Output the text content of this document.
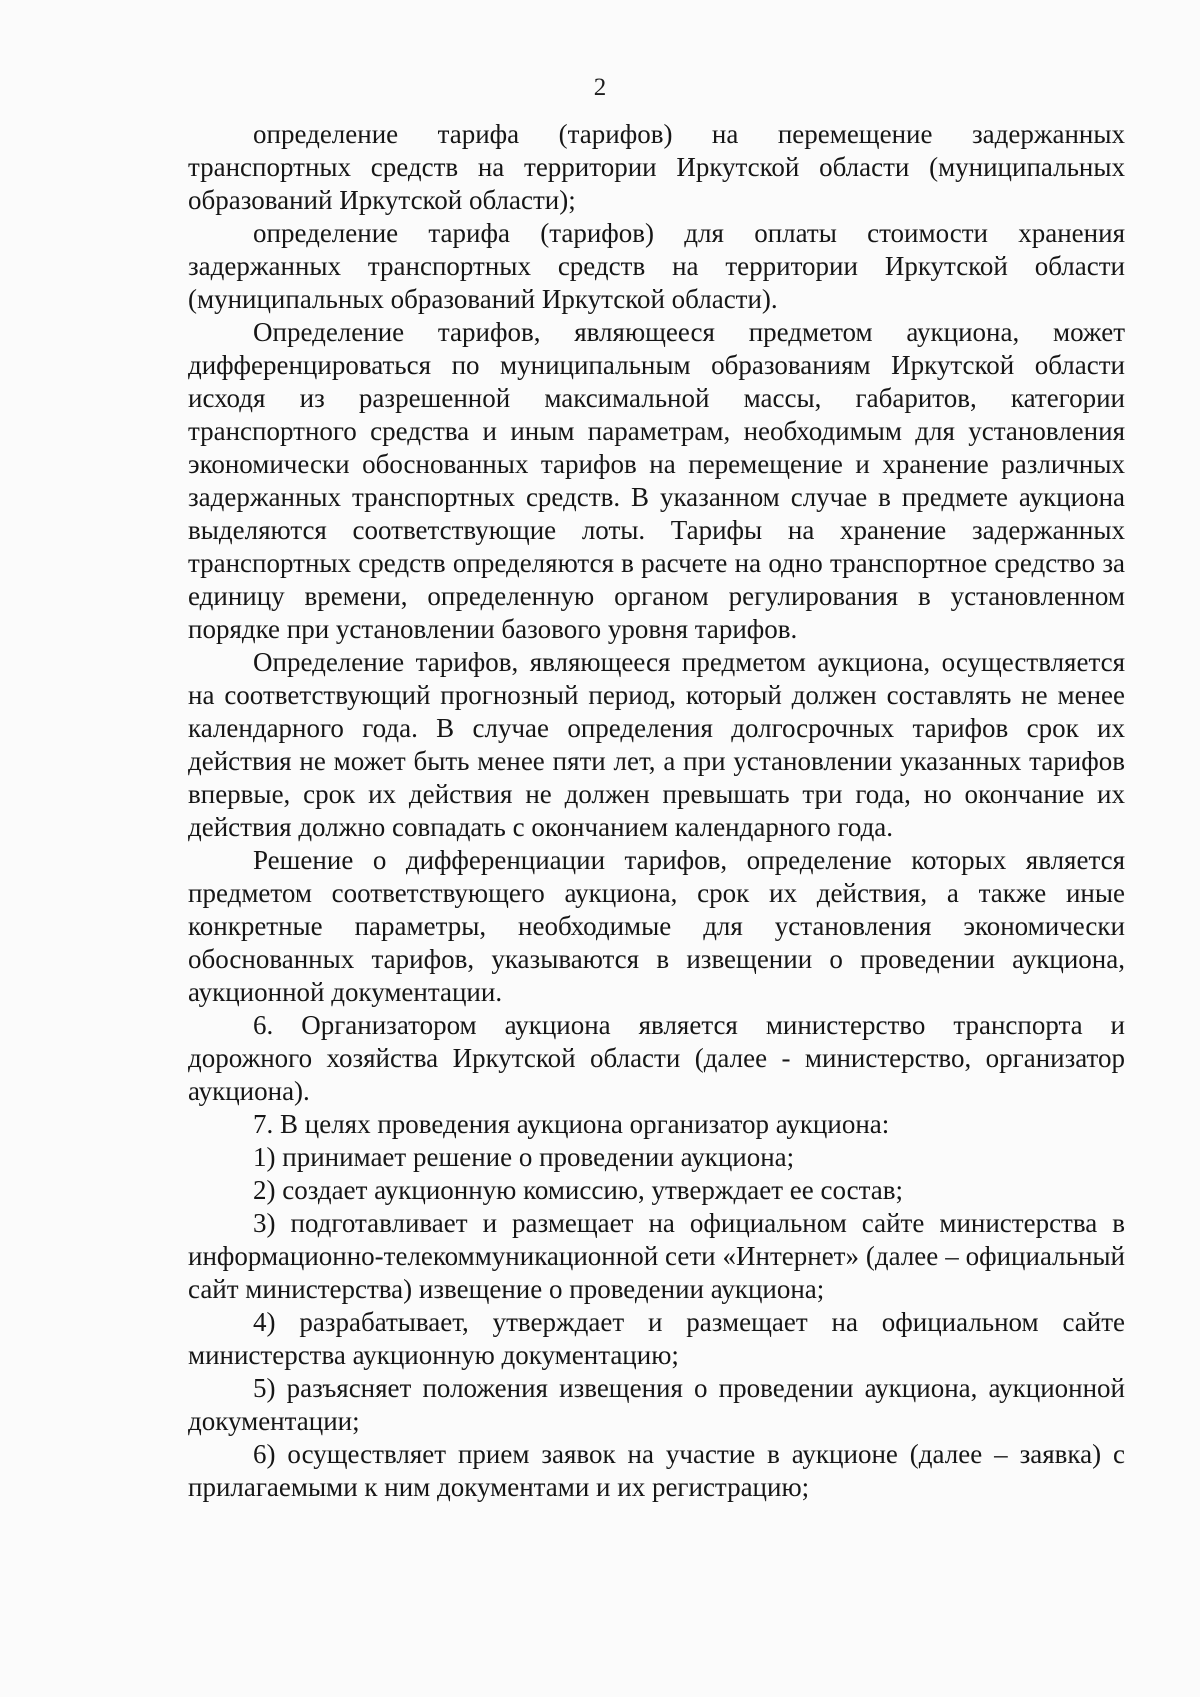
2

определение тарифа (тарифов) на перемещение задержанных транспортных средств на территории Иркутской области (муниципальных образований Иркутской области);

определение тарифа (тарифов) для оплаты стоимости хранения задержанных транспортных средств на территории Иркутской области (муниципальных образований Иркутской области).

Определение тарифов, являющееся предметом аукциона, может дифференцироваться по муниципальным образованиям Иркутской области исходя из разрешенной максимальной массы, габаритов, категории транспортного средства и иным параметрам, необходимым для установления экономически обоснованных тарифов на перемещение и хранение различных задержанных транспортных средств. В указанном случае в предмете аукциона выделяются соответствующие лоты. Тарифы на хранение задержанных транспортных средств определяются в расчете на одно транспортное средство за единицу времени, определенную органом регулирования в установленном порядке при установлении базового уровня тарифов.

Определение тарифов, являющееся предметом аукциона, осуществляется на соответствующий прогнозный период, который должен составлять не менее календарного года. В случае определения долгосрочных тарифов срок их действия не может быть менее пяти лет, а при установлении указанных тарифов впервые, срок их действия не должен превышать три года, но окончание их действия должно совпадать с окончанием календарного года.

Решение о дифференциации тарифов, определение которых является предметом соответствующего аукциона, срок их действия, а также иные конкретные параметры, необходимые для установления экономически обоснованных тарифов, указываются в извещении о проведении аукциона, аукционной документации.

6. Организатором аукциона является министерство транспорта и дорожного хозяйства Иркутской области (далее - министерство, организатор аукциона).

7. В целях проведения аукциона организатор аукциона:

1) принимает решение о проведении аукциона;

2) создает аукционную комиссию, утверждает ее состав;

3) подготавливает и размещает на официальном сайте министерства в информационно-телекоммуникационной сети «Интернет» (далее – официальный сайт министерства) извещение о проведении аукциона;

4) разрабатывает, утверждает и размещает на официальном сайте министерства аукционную документацию;

5) разъясняет положения извещения о проведении аукциона, аукционной документации;

6) осуществляет прием заявок на участие в аукционе (далее – заявка) с прилагаемыми к ним документами и их регистрацию;
